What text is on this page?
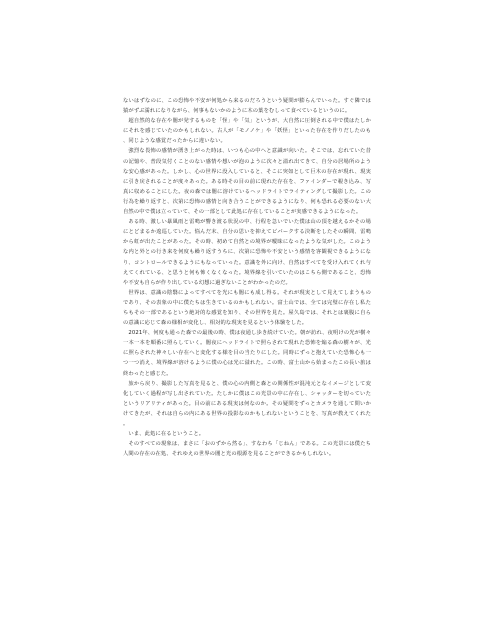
ないはずなのに、この恐怖や不安が何処から来るのだろうという疑問が膨らんでいった。すぐ隣では猿がずぶ濡れになりながら、何事もないかのように木の葉をむしって食べているというのに。

超自然的な存在や闇が発するものを「怪」や「気」というが、大自然に圧倒される中で僕はたしかにそれを感じていたのかもしれない。古人が「モノノケ」や「妖怪」といった存在を作りだしたのも、同じような感覚だったからに違いない。

強烈な畏怖の感情が湧き上がった時は、いつも心の中へと意識が向いた。そこでは、忘れていた昔の記憶や、普段気付くことのない感情や想いが泡のように次々と溢れ出てきて、自分の居場所のような安心感があった。しかし、心の世界に没入していると、そこに突如として巨木の存在が現れ、現実に引き戻されることが度々あった。ある時その目の前に現れた存在を、ファインダーで覗き込み、写真に収めることにした。夜の森では闇に溶けているヘッドライトでライティングして撮影した。この行為を繰り返すと、次第に恐怖の感情と向き合うことができるようになり、何も恐れる必要のない大自然の中で僕は立っていて、その一部として此処に存在していることが実感できるようになった。

ある時、激しい暴風雨と雷鳴が響き渡る状況の中、行程を急いでいた僕は山の頂を越えるかその場にとどまるか逡巡していた。悩んだ末、自分の思いを抑えてビバークする決断をしたその瞬間、雷鳴から虹が出たことがあった。その時、初めて自然との境界が曖昧になったような気がした。このような内と外との行き来を何度も繰り返すうちに、次第に恐怖や不安という感情を客観視できるようになり、コントロールできるようにもなっていった。意識を外に向け、自然はすべてを受け入れてくれ与えてくれている、と思うと何も怖くなくなった。境界線を引いていたのはこちら側であること、恐怖や不安も自らが作り出している幻想に過ぎないことがわかったのだ。

世界は、意識の陰翳によってすべてを光にも闇にも成し得る。それが現実として見えてしまうものであり、その表象の中に僕たちは生きているのかもしれない。富士山では、全ては完璧に存在し私たちもその一部であるという絶対的な感覚を知り、その世界を見た。屋久島では、それとは裏腹に自らの意識に応じて森の様相が変化し、相対的な現実を見るという体験をした。

2021年、何度も通った森での最後の時、僕は夜通し歩き続けていた。朝が訪れ、夜明けの光が樹々一本一本を順番に照らしていく。闇夜にヘッドライトで照らされて現れた恐怖を煽る森の樹々が、光に照らされた神々しい存在へと変化する様を目の当たりにした。同時にずっと抱えていた恐怖心も一つ一つ消え、境界線が溶けるように僕の心は光に溢れた。この時、富士山から始まったこの長い旅は終わったと感じた。

旅から戻り、撮影した写真を見ると、僕の心の内側と森との関係性が混沌元となイメージとして変化していく過程が写し出されていた。たしかに僕はこの光景の中に存在し、シャッターを切っていたというリアリティがあった。目の前にある現実は何なのか。その疑問をずっとカメラを通して問いかけてきたが、それは自らの内にある世界の投影なのかもしれないということを、写真が教えてくれた。

いま、此処に在るということ。

そのすべての現象は、まさに「おのずから然る」、すなわち「じねん」である。この光景には僕たち人間の存在の在処、それゆえの世界の闇と光の根源を見ることができるかもしれない。
